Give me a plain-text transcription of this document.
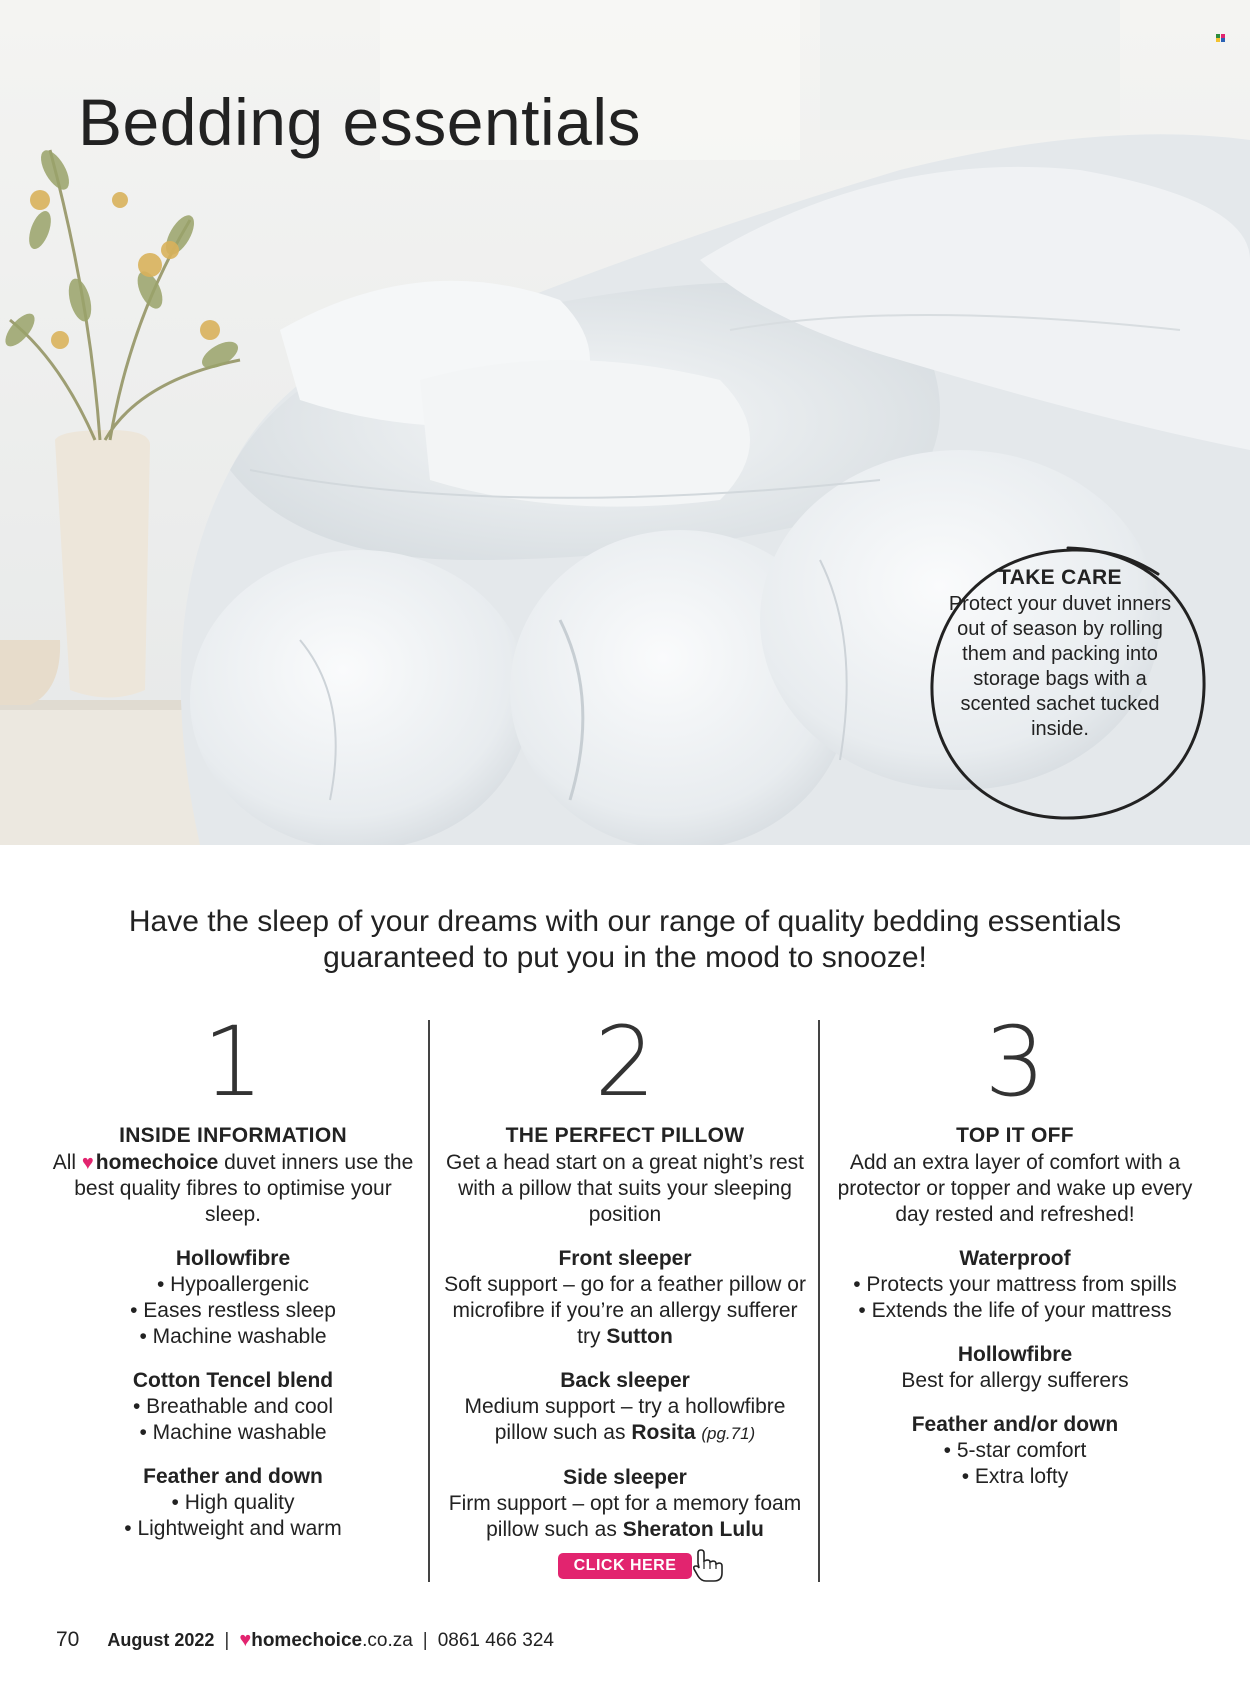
Bedding essentials
TAKE CARE
Protect your duvet inners out of season by rolling them and packing into storage bags with a scented sachet tucked inside.
Have the sleep of your dreams with our range of quality bedding essentials guaranteed to put you in the mood to snooze!
1
INSIDE INFORMATION
All ♥ homechoice duvet inners use the best quality fibres to optimise your sleep.
Hollowfibre
• Hypoallergenic
• Eases restless sleep
• Machine washable
Cotton Tencel blend
• Breathable and cool
• Machine washable
Feather and down
• High quality
• Lightweight and warm
2
THE PERFECT PILLOW
Get a head start on a great night’s rest with a pillow that suits your sleeping position
Front sleeper
Soft support – go for a feather pillow or microfibre if you’re an allergy sufferer try Sutton
Back sleeper
Medium support – try a hollowfibre pillow such as Rosita (pg.71)
Side sleeper
Firm support – opt for a memory foam pillow such as Sheraton Lulu
CLICK HERE
3
TOP IT OFF
Add an extra layer of comfort with a protector or topper and wake up every day rested and refreshed!
Waterproof
• Protects your mattress from spills
• Extends the life of your mattress
Hollowfibre
Best for allergy sufferers
Feather and/or down
• 5-star comfort
• Extra lofty
70 August 2022 | ♥homechoice.co.za | 0861 466 324
